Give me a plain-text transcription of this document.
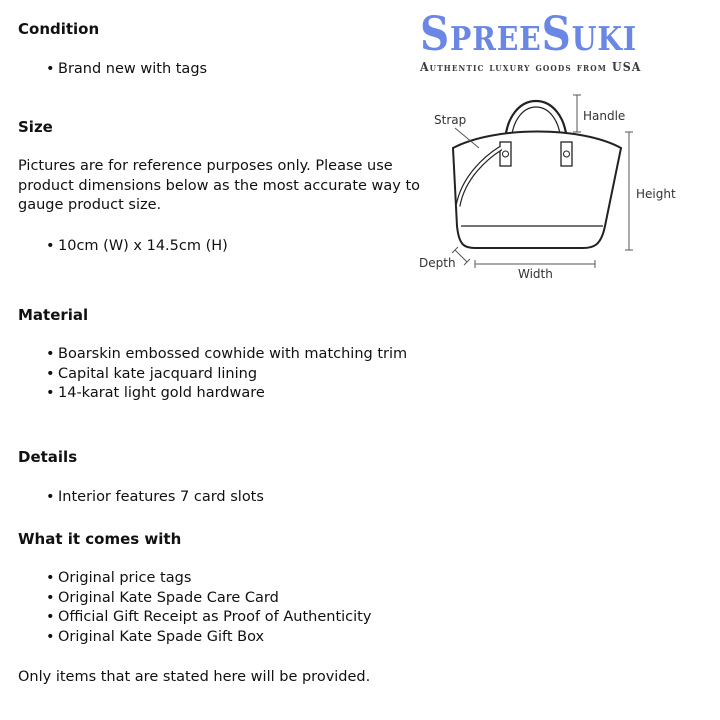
Condition
• Brand new with tags
Size
Pictures are for reference purposes only. Please use
product dimensions below as the most accurate way to
gauge product size.
• 10cm (W) x 14.5cm (H)
Material
• Boarskin embossed cowhide with matching trim
• Capital kate jacquard lining
• 14-karat light gold hardware
Details
• Interior features 7 card slots
What it comes with
• Original price tags
• Original Kate Spade Care Card
• Official Gift Receipt as Proof of Authenticity
• Original Kate Spade Gift Box
Only items that are stated here will be provided.
SpreeSuki
Authentic luxury goods from USA
Strap	Handle
Height
Depth
Width
